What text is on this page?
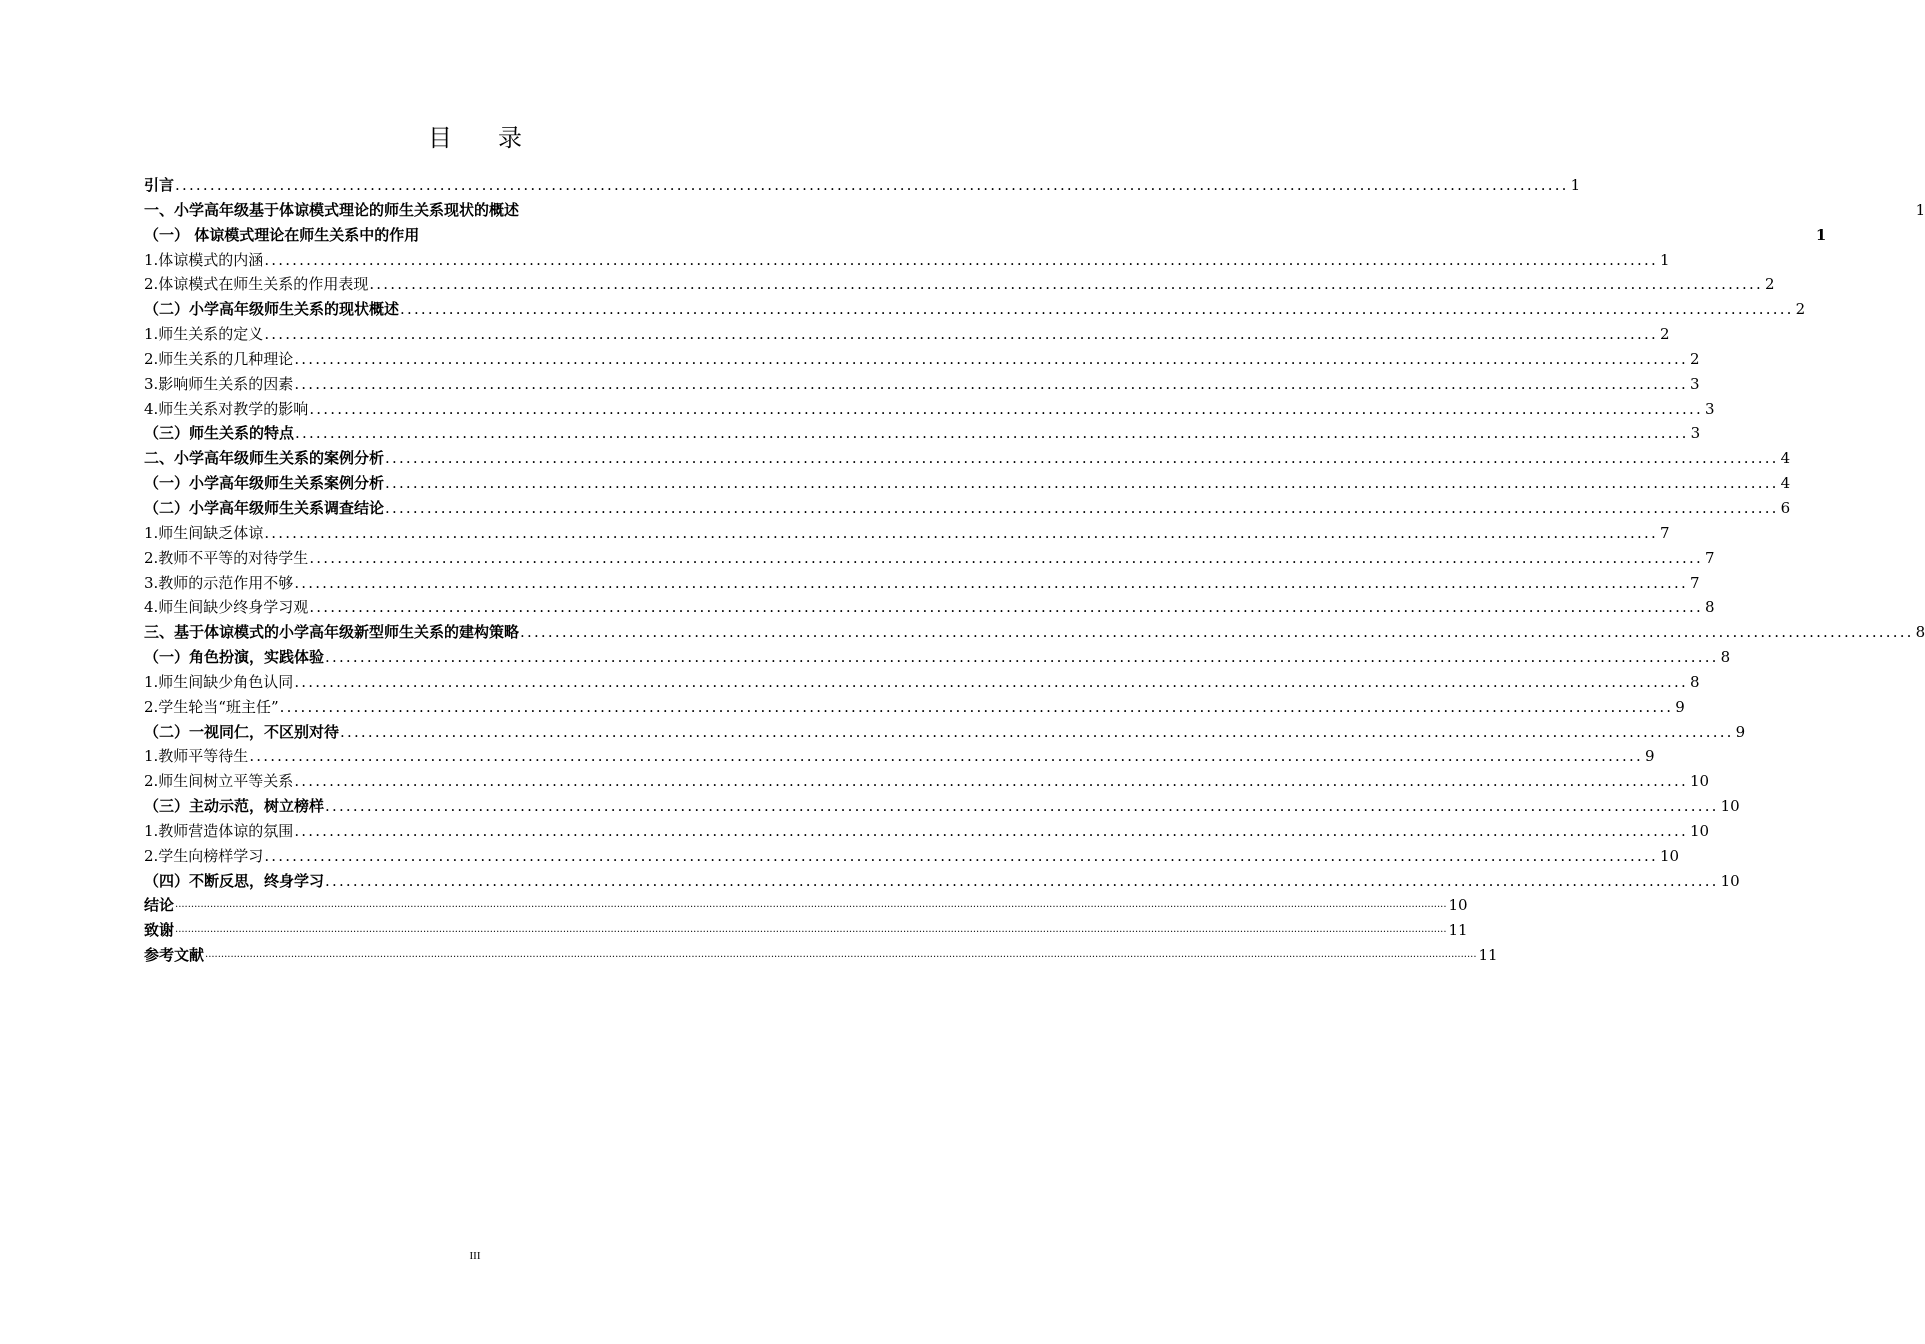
目 录
引言 ........................................................................................................................................................................................................ 1
一、小学高年级基于体谅模式理论的师生关系现状的概述	1
（一） 体谅模式理论在师生关系中的作用	1
1.体谅模式的内涵 ........................................................................................................................................................................................................ 1
2.体谅模式在师生关系的作用表现 ........................................................................................................................................................................................................ 2
（二）小学高年级师生关系的现状概述 ........................................................................................................................................................................................................ 2
1.师生关系的定义 ........................................................................................................................................................................................................ 2
2.师生关系的几种理论 ........................................................................................................................................................................................................ 2
3.影响师生关系的因素 ........................................................................................................................................................................................................ 3
4.师生关系对教学的影响 ........................................................................................................................................................................................................ 3
（三）师生关系的特点 ........................................................................................................................................................................................................ 3
二、小学高年级师生关系的案例分析 ........................................................................................................................................................................................................ 4
（一）小学高年级师生关系案例分析 ........................................................................................................................................................................................................ 4
（二）小学高年级师生关系调查结论 ........................................................................................................................................................................................................ 6
1.师生间缺乏体谅 ........................................................................................................................................................................................................ 7
2.教师不平等的对待学生 ........................................................................................................................................................................................................ 7
3.教师的示范作用不够 ........................................................................................................................................................................................................ 7
4.师生间缺少终身学习观 ........................................................................................................................................................................................................ 8
三、基于体谅模式的小学高年级新型师生关系的建构策略 ........................................................................................................................................................................................................ 8
（一）角色扮演，实践体验 ........................................................................................................................................................................................................ 8
1.师生间缺少角色认同 ........................................................................................................................................................................................................ 8
2.学生轮当“班主任” ........................................................................................................................................................................................................ 9
（二）一视同仁，不区别对待 ........................................................................................................................................................................................................ 9
1.教师平等待生 ........................................................................................................................................................................................................ 9
2.师生间树立平等关系 ........................................................................................................................................................................................................ 10
（三）主动示范，树立榜样 ........................................................................................................................................................................................................ 10
1.教师营造体谅的氛围 ........................................................................................................................................................................................................ 10
2.学生向榜样学习 ........................................................................................................................................................................................................ 10
（四）不断反思，终身学习 ........................................................................................................................................................................................................ 10
结论 ................................................................................................................................................................................................................................................................................................................................................................................................................ 10
致谢 ................................................................................................................................................................................................................................................................................................................................................................................................................ 11
参考文献 ................................................................................................................................................................................................................................................................................................................................................................................................................ 11
III
